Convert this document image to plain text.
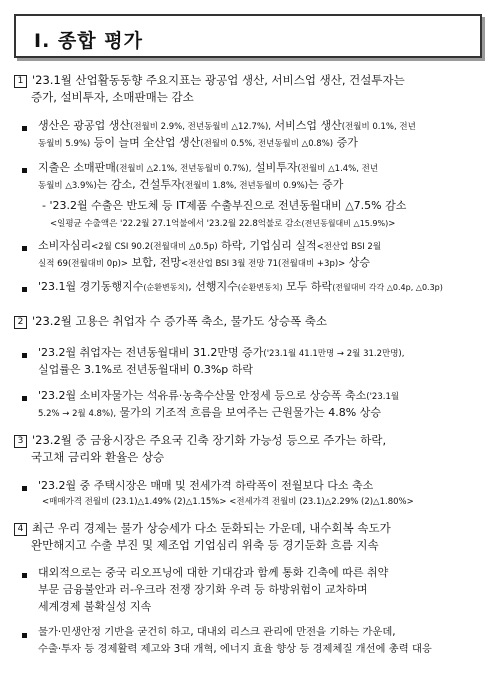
Ⅰ. 종합 평가
1 '23.1월 산업활동동향 주요지표는 광공업 생산, 서비스업 생산, 건설투자는
증가, 설비투자, 소매판매는 감소
생산은 광공업 생산(전월비 2.9%, 전년동월비 △12.7%), 서비스업 생산(전월비 0.1%, 전년
동월비 5.9%) 등이 늘며 全산업 생산(전월비 0.5%, 전년동월비 △0.8%) 증가
지출은 소매판매(전월비 △2.1%, 전년동월비 0.7%), 설비투자(전월비 △1.4%, 전년
동월비 △3.9%)는 감소, 건설투자(전월비 1.8%, 전년동월비 0.9%)는 증가
- '23.2월 수출은 반도체 등 IT제품 수출부진으로 전년동월대비 △7.5% 감소
<일평균 수출액은 '22.2월 27.1억불에서 '23.2월 22.8억불로 감소(전년동월대비 △15.9%)>
소비자심리<2월 CSI 90.2(전월대비 △0.5p) 하락, 기업심리 실적<전산업 BSI 2월
실적 69(전월대비 0p)> 보합, 전망<전산업 BSI 3월 전망 71(전월대비 +3p)> 상승
'23.1월 경기동행지수(순환변동치), 선행지수(순환변동치) 모두 하락(전월대비 각각 △0.4p, △0.3p)
2 '23.2월 고용은 취업자 수 증가폭 축소, 물가도 상승폭 축소
'23.2월 취업자는 전년동월대비 31.2만명 증가('23.1월 41.1만명 → 2월 31.2만명),
실업률은 3.1%로 전년동월대비 0.3%p 하락
'23.2월 소비자물가는 석유류·농축수산물 안정세 등으로 상승폭 축소('23.1월
5.2% → 2월 4.8%), 물가의 기조적 흐름을 보여주는 근원물가는 4.8% 상승
3 '23.2월 중 금융시장은 주요국 긴축 장기화 가능성 등으로 주가는 하락,
국고채 금리와 환율은 상승
'23.2월 중 주택시장은 매매 및 전세가격 하락폭이 전월보다 다소 축소
<매매가격 전월비 (23.1)△1.49% (2)△1.15%> <전세가격 전월비 (23.1)△2.29% (2)△1.80%>
4 최근 우리 경제는 물가 상승세가 다소 둔화되는 가운데, 내수회복 속도가
완만해지고 수출 부진 및 제조업 기업심리 위축 등 경기둔화 흐름 지속
대외적으로는 중국 리오프닝에 대한 기대감과 함께 통화 긴축에 따른 취약
부문 금융불안과 러-우크라 전쟁 장기화 우려 등 하방위험이 교차하며
세계경제 불확실성 지속
물가·민생안정 기반을 굳건히 하고, 대내외 리스크 관리에 만전을 기하는 가운데,
수출·투자 등 경제활력 제고와 3대 개혁, 에너지 효율 향상 등 경제체질 개선에 총력 대응
